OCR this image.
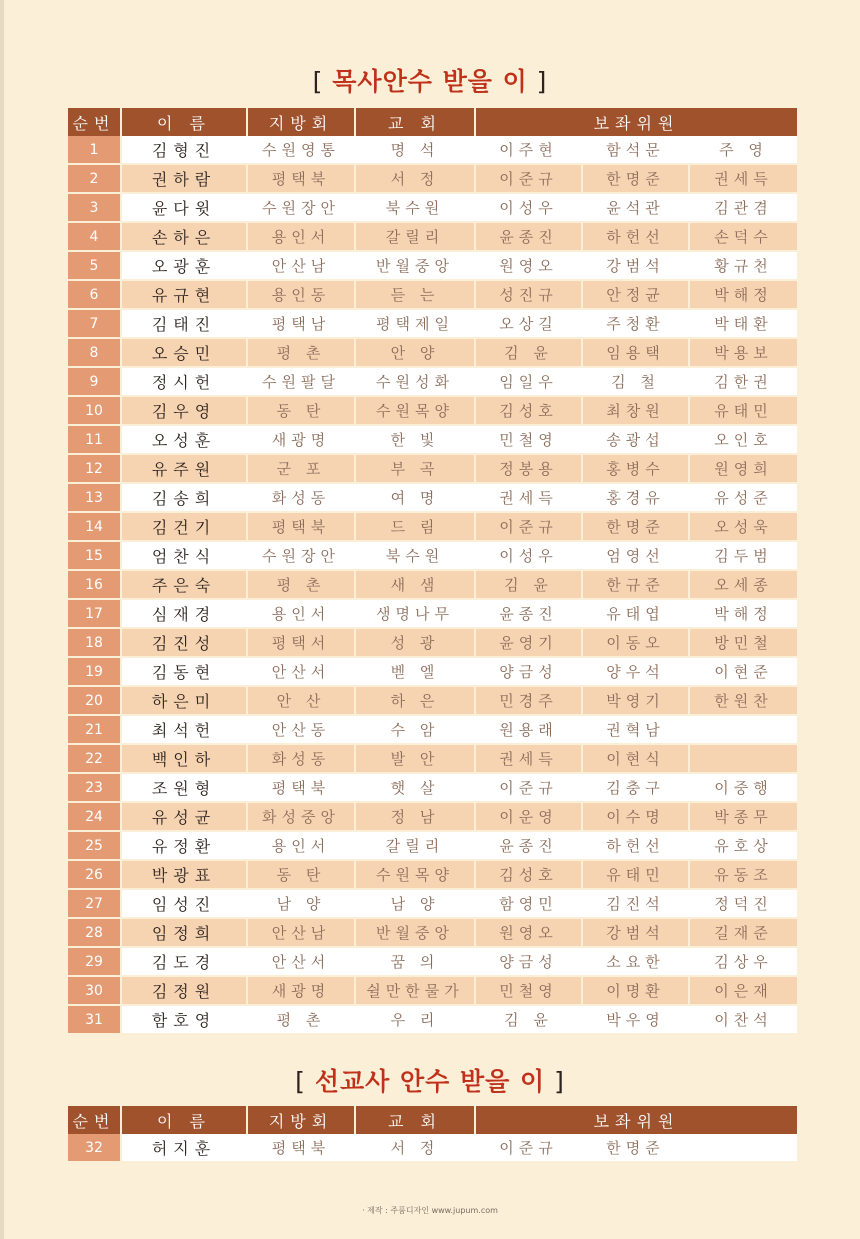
[ 목사안수 받을 이 ]
순번	이 름	지방회	교 회	보좌위원		
1	김형진	수원영통	명 석	이주현	함석문	주 영
2	권하람	평택북	서 정	이준규	한명준	권세득
3	윤다윗	수원장안	북수원	이성우	윤석관	김관겸
4	손하은	용인서	갈릴리	윤종진	하헌선	손덕수
5	오광훈	안산남	반월중앙	원영오	강범석	황규천
6	유규현	용인동	듣 는	성진규	안정균	박해정
7	김태진	평택남	평택제일	오상길	주청환	박태환
8	오승민	평 촌	안 양	김 윤	임용택	박용보
9	정시헌	수원팔달	수원성화	임일우	김 철	김한권
10	김우영	동 탄	수원목양	김성호	최창원	유태민
11	오성훈	새광명	한 빛	민철영	송광섭	오인호
12	유주원	군 포	부 곡	정봉용	홍병수	원영희
13	김송희	화성동	여 명	권세득	홍경유	유성준
14	김건기	평택북	드 림	이준규	한명준	오성욱
15	엄찬식	수원장안	북수원	이성우	엄영선	김두범
16	주은숙	평 촌	새 샘	김 윤	한규준	오세종
17	심재경	용인서	생명나무	윤종진	유태엽	박해정
18	김진성	평택서	성 광	윤영기	이동오	방민철
19	김동현	안산서	벧 엘	양금성	양우석	이현준
20	하은미	안 산	하 은	민경주	박영기	한원찬
21	최석헌	안산동	수 암	원용래	권혁남	
22	백인하	화성동	발 안	권세득	이현식	
23	조원형	평택북	햇 살	이준규	김충구	이중행
24	유성균	화성중앙	정 남	이운영	이수명	박종무
25	유정환	용인서	갈릴리	윤종진	하헌선	유호상
26	박광표	동 탄	수원목양	김성호	유태민	유동조
27	임성진	남 양	남 양	함영민	김진석	정덕진
28	임정희	안산남	반월중앙	원영오	강범석	길재준
29	김도경	안산서	꿈 의	양금성	소요한	김상우
30	김정원	새광명	쉴만한물가	민철영	이명환	이은재
31	함호영	평 촌	우 리	김 윤	박우영	이찬석
[ 선교사 안수 받을 이 ]
순번	이 름	지방회	교 회	보좌위원		
32	허지훈	평택북	서 정	이준규	한명준	
· 제작 : 주품디자인 www.jupum.com
